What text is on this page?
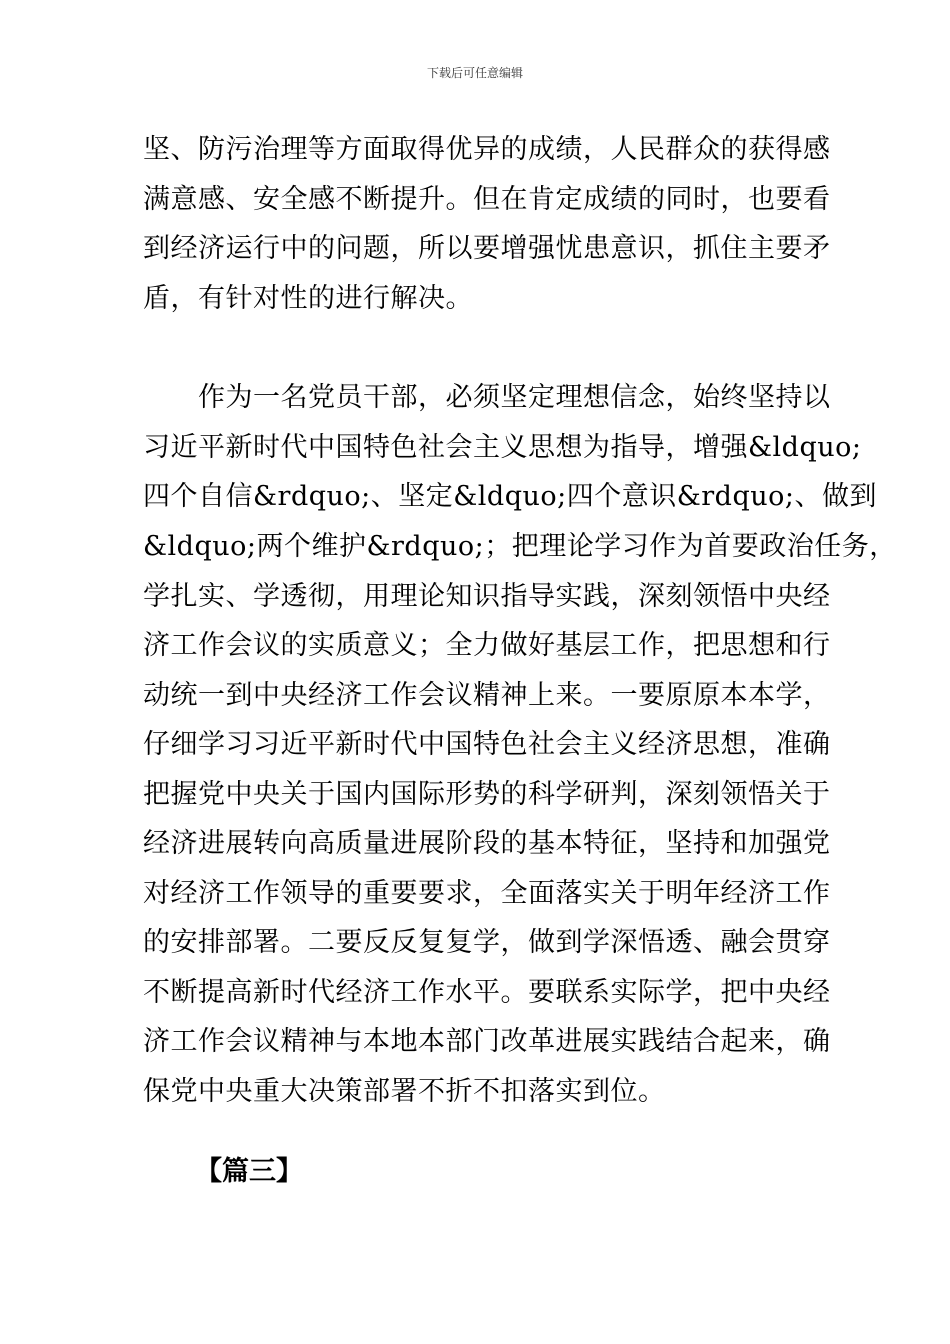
下载后可任意编辑
坚、防污治理等方面取得优异的成绩，人民群众的获得感
满意感、安全感不断提升。但在肯定成绩的同时，也要看
到经济运行中的问题，所以要增强忧患意识，抓住主要矛
盾，有针对性的进行解决。
　　作为一名党员干部，必须坚定理想信念，始终坚持以
习近平新时代中国特色社会主义思想为指导，增强&ldquo;
四个自信&rdquo;、坚定&ldquo;四个意识&rdquo;、做到
&ldquo;两个维护&rdquo;；把理论学习作为首要政治任务，
学扎实、学透彻，用理论知识指导实践，深刻领悟中央经
济工作会议的实质意义；全力做好基层工作，把思想和行
动统一到中央经济工作会议精神上来。一要原原本本学，
仔细学习习近平新时代中国特色社会主义经济思想，准确
把握党中央关于国内国际形势的科学研判，深刻领悟关于
经济进展转向高质量进展阶段的基本特征，坚持和加强党
对经济工作领导的重要要求，全面落实关于明年经济工作
的安排部署。二要反反复复学，做到学深悟透、融会贯穿
不断提高新时代经济工作水平。要联系实际学，把中央经
济工作会议精神与本地本部门改革进展实践结合起来，确
保党中央重大决策部署不折不扣落实到位。
【篇三】
